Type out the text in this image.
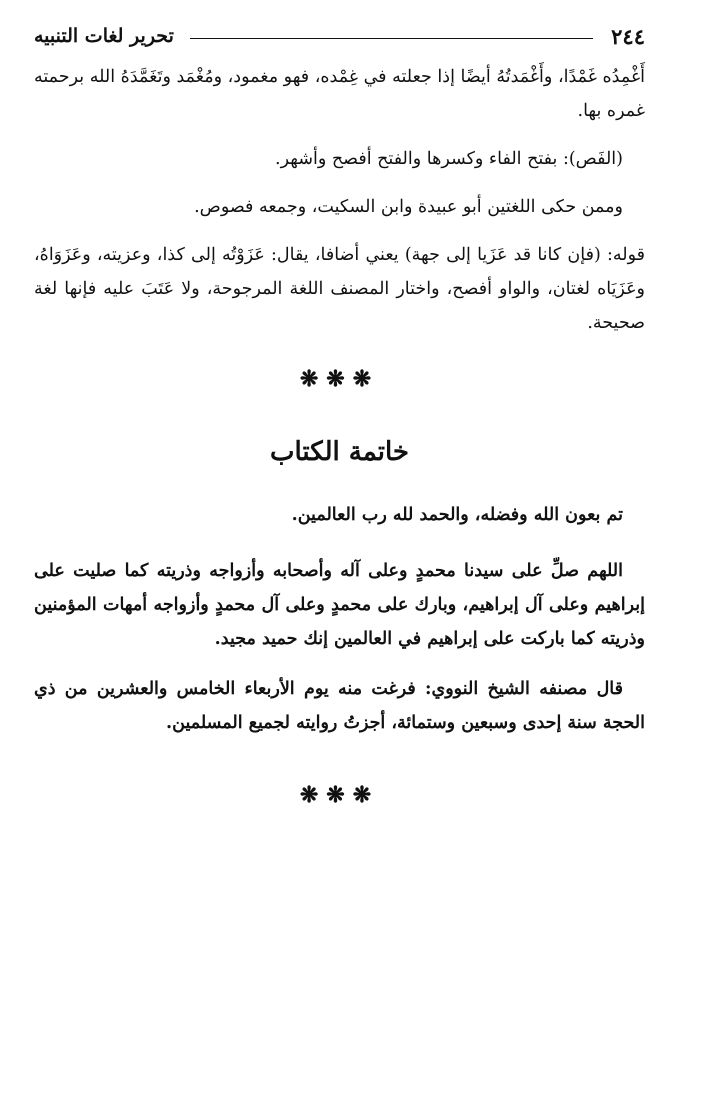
٢٤٤
تحرير لغات التنبيه

أَغْمِدُه غَمْدًا، وأَغْمَدتُهُ أيضًا إذا جعلته في غِمْده، فهو مغمود، ومُغْمَد وتَغَمَّدَهُ الله برحمته غمره بها.

(الفَص): بفتح الفاء وكسرها والفتح أفصح وأشهر.

وممن حكى اللغتين أبو عبيدة وابن السكيت، وجمعه فصوص.

قوله: (فإن كانا قد عَزَيا إلى جهة) يعني أضافا، يقال: عَزَوْتُه إلى كذا، وعزيته، وعَزَوَاهُ، وعَزَيَاه لغتان، والواو أفصح، واختار المصنف اللغة المرجوحة، ولا عَتَبَ عليه فإنها لغة صحيحة.

❋❋❋
خاتمة الكتاب

تم بعون الله وفضله، والحمد لله رب العالمين.

اللهم صلِّ على سيدنا محمدٍ وعلى آله وأصحابه وأزواجه وذريته كما صليت على إبراهيم وعلى آل إبراهيم، وبارك على محمدٍ وعلى آل محمدٍ وأزواجه أمهات المؤمنين وذريته كما باركت على إبراهيم في العالمين إنك حميد مجيد.

قال مصنفه الشيخ النووي: فرغت منه يوم الأربعاء الخامس والعشرين من ذي الحجة سنة إحدى وسبعين وستمائة، أجزتُ روايته لجميع المسلمين.

❋❋❋
